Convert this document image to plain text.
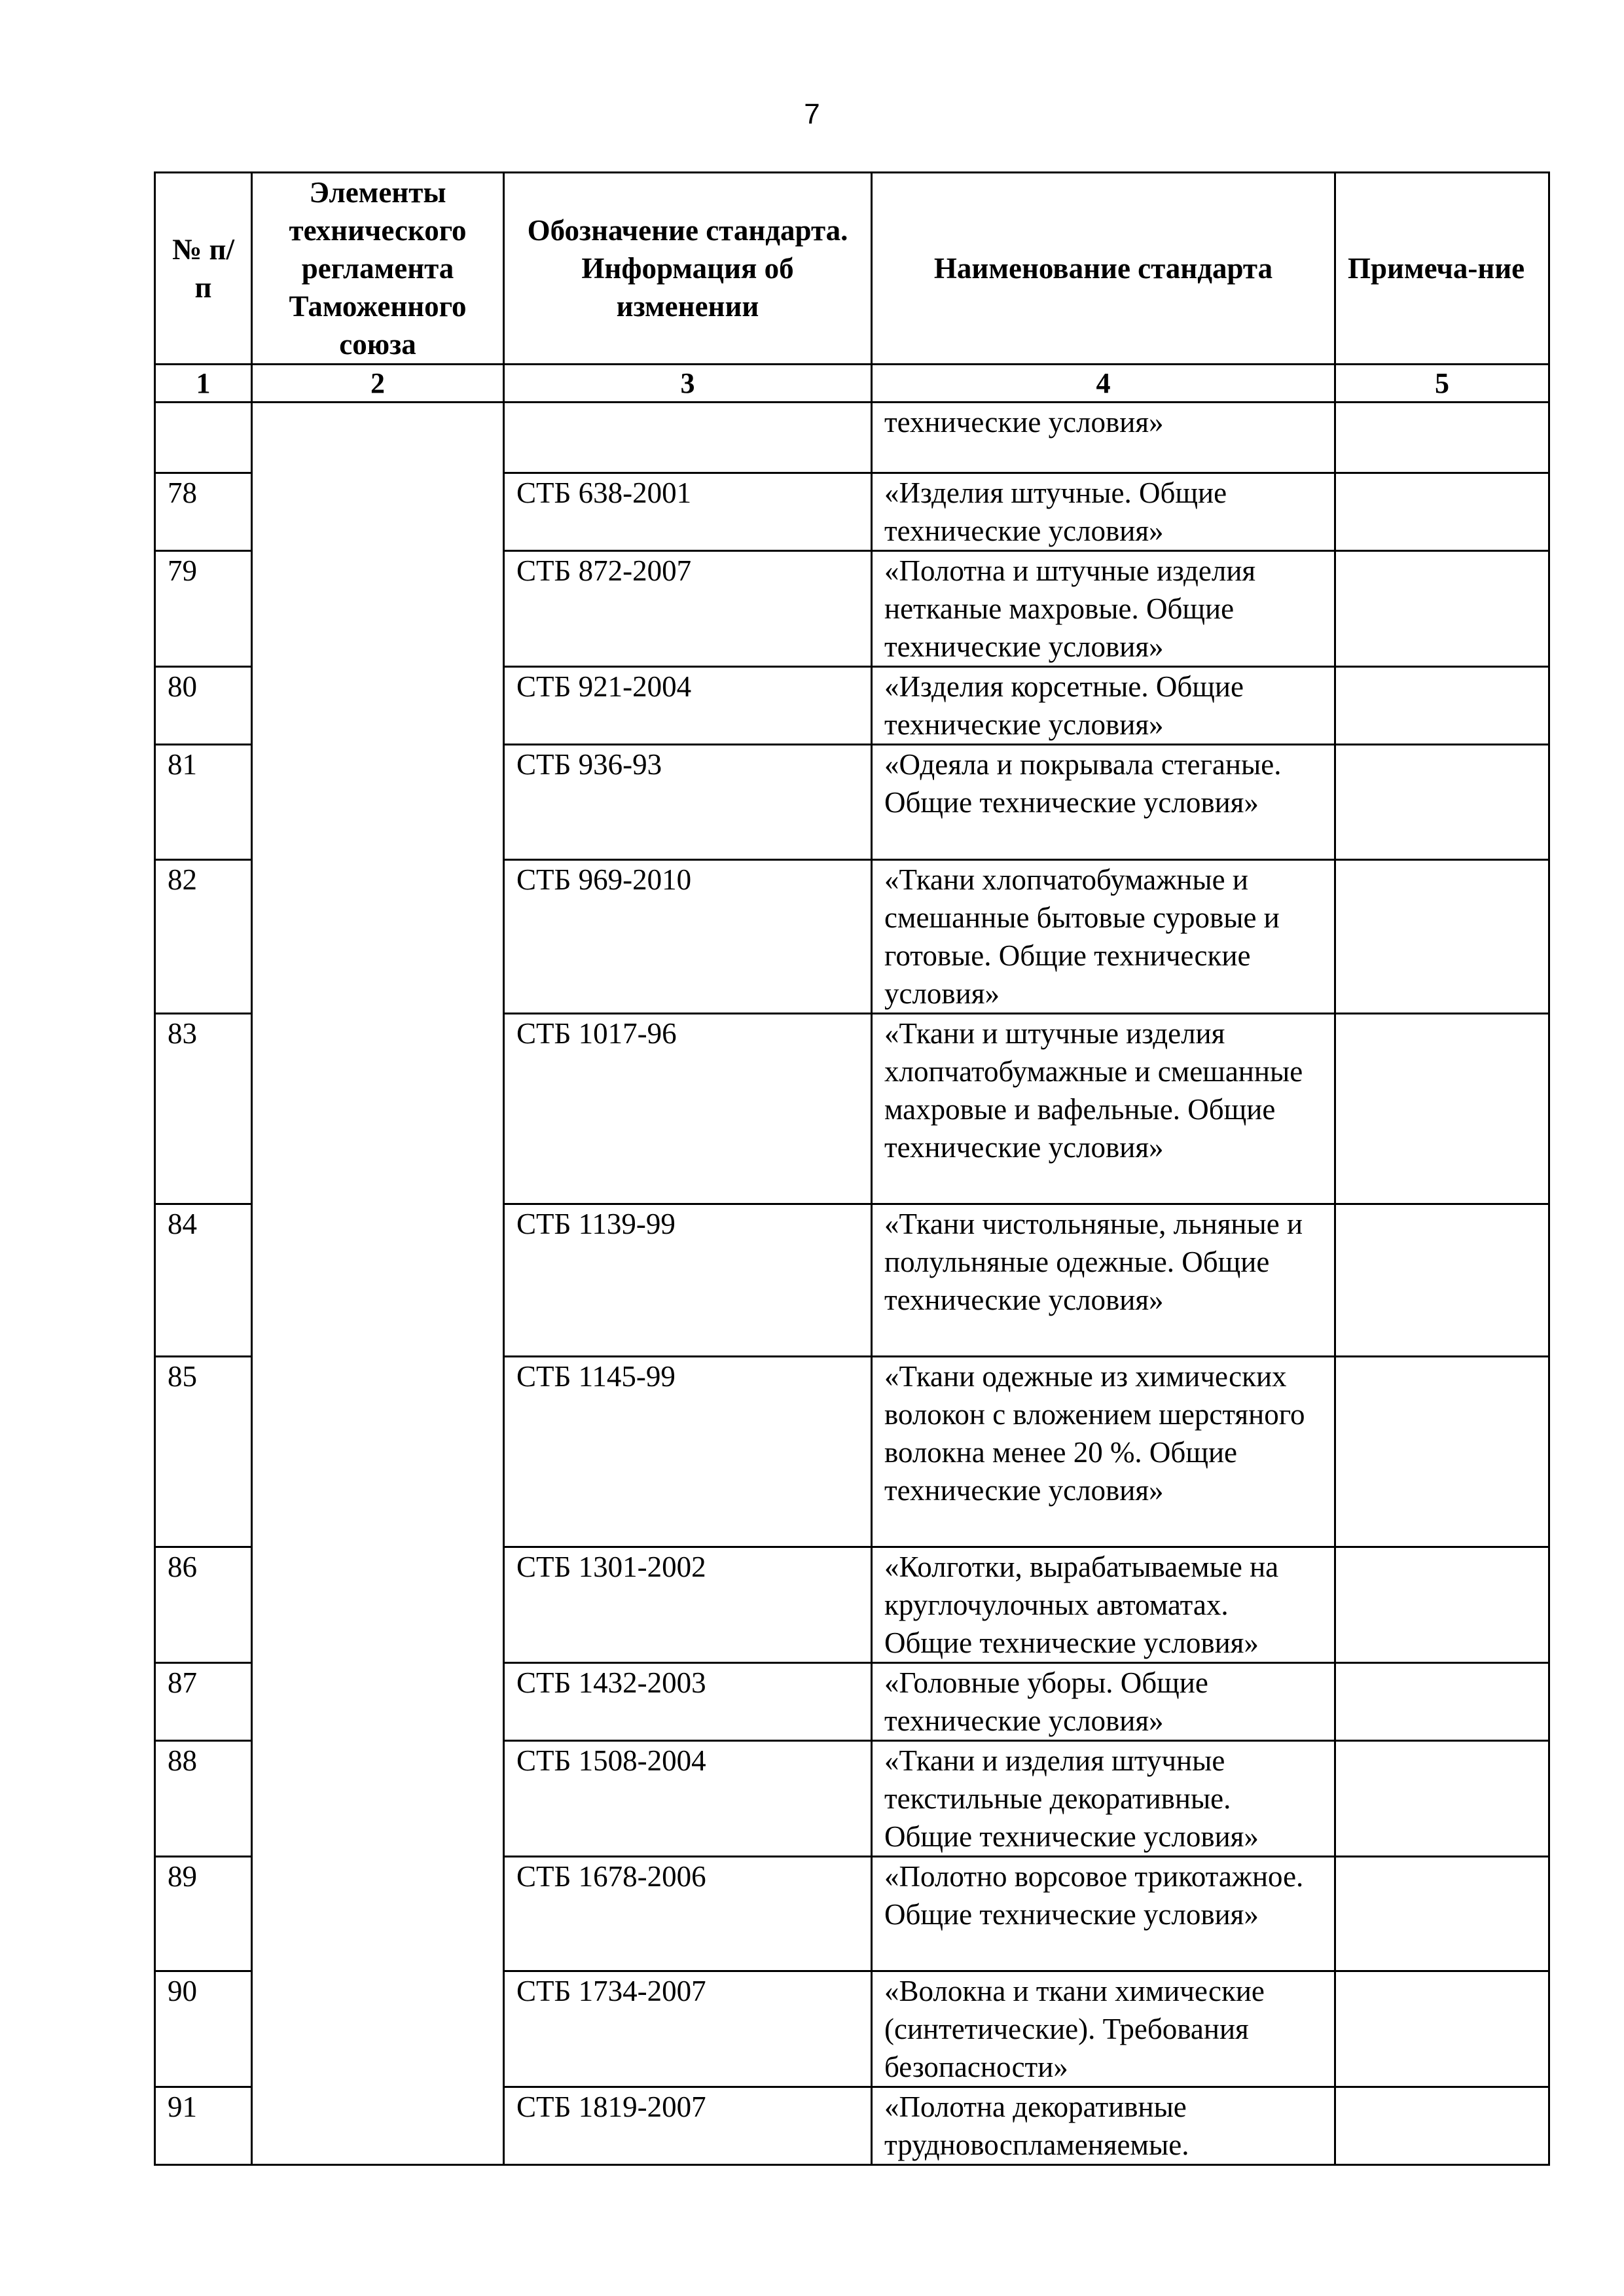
7
№ п/п	Элементы технического регламента Таможенного союза	Обозначение стандарта. Информация об изменении	Наименование стандарта	Примеча-ние
1	2	3	4	5
			технические условия»	
78		СТБ 638-2001	«Изделия штучные. Общие технические условия»	
79		СТБ 872-2007	«Полотна и штучные изделия нетканые махровые. Общие технические условия»	
80		СТБ 921-2004	«Изделия корсетные. Общие технические условия»	
81		СТБ 936-93	«Одеяла и покрывала стеганые. Общие технические условия»	
82		СТБ 969-2010	«Ткани хлопчатобумажные и смешанные бытовые суровые и готовые. Общие технические условия»	
83		СТБ 1017-96	«Ткани и штучные изделия хлопчатобумажные и смешанные махровые и вафельные. Общие технические условия»	
84		СТБ 1139-99	«Ткани чистольняные, льняные и полульняные одежные. Общие технические условия»	
85		СТБ 1145-99	«Ткани одежные из химических волокон с вложением шерстяного волокна менее 20 %. Общие технические условия»	
86		СТБ 1301-2002	«Колготки, вырабатываемые на круглочулочных автоматах. Общие технические условия»	
87		СТБ 1432-2003	«Головные уборы. Общие технические условия»	
88		СТБ 1508-2004	«Ткани и изделия штучные текстильные декоративные. Общие технические условия»	
89		СТБ 1678-2006	«Полотно ворсовое трикотажное. Общие технические условия»	
90		СТБ 1734-2007	«Волокна и ткани химические (синтетические). Требования безопасности»	
91		СТБ 1819-2007	«Полотна декоративные трудновоспламеняемые.	
